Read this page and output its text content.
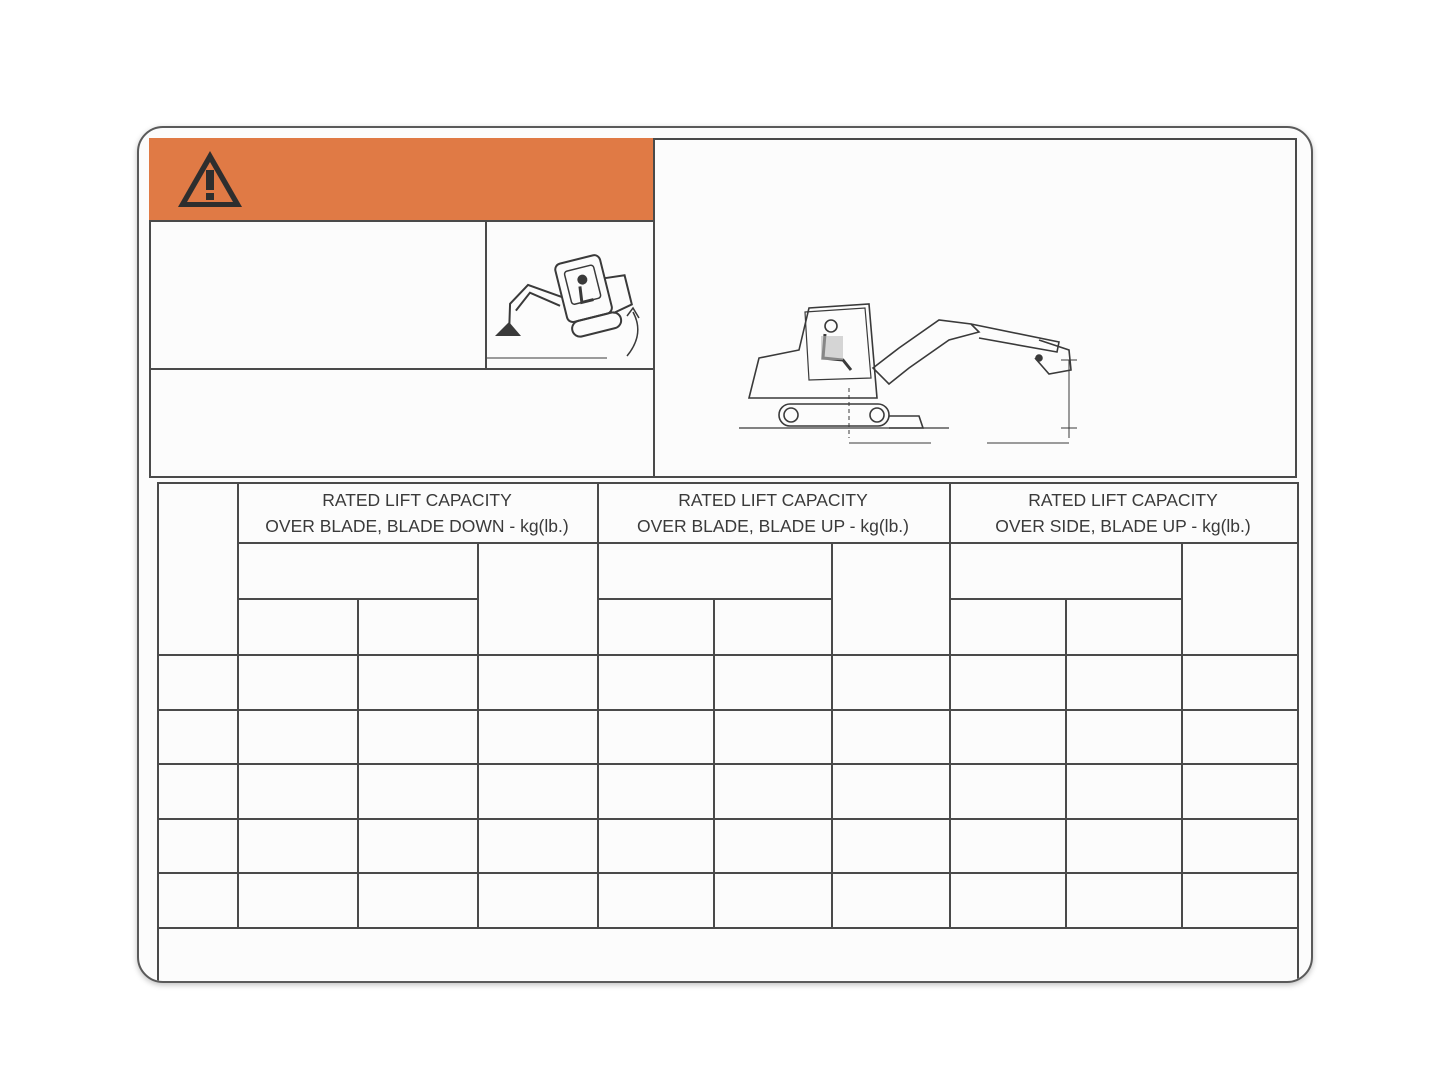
RATED LIFT CAPACITY
OVER BLADE, BLADE DOWN - kg(lb.)
RATED LIFT CAPACITY
OVER BLADE, BLADE UP - kg(lb.)
RATED LIFT CAPACITY
OVER SIDE, BLADE UP - kg(lb.)
